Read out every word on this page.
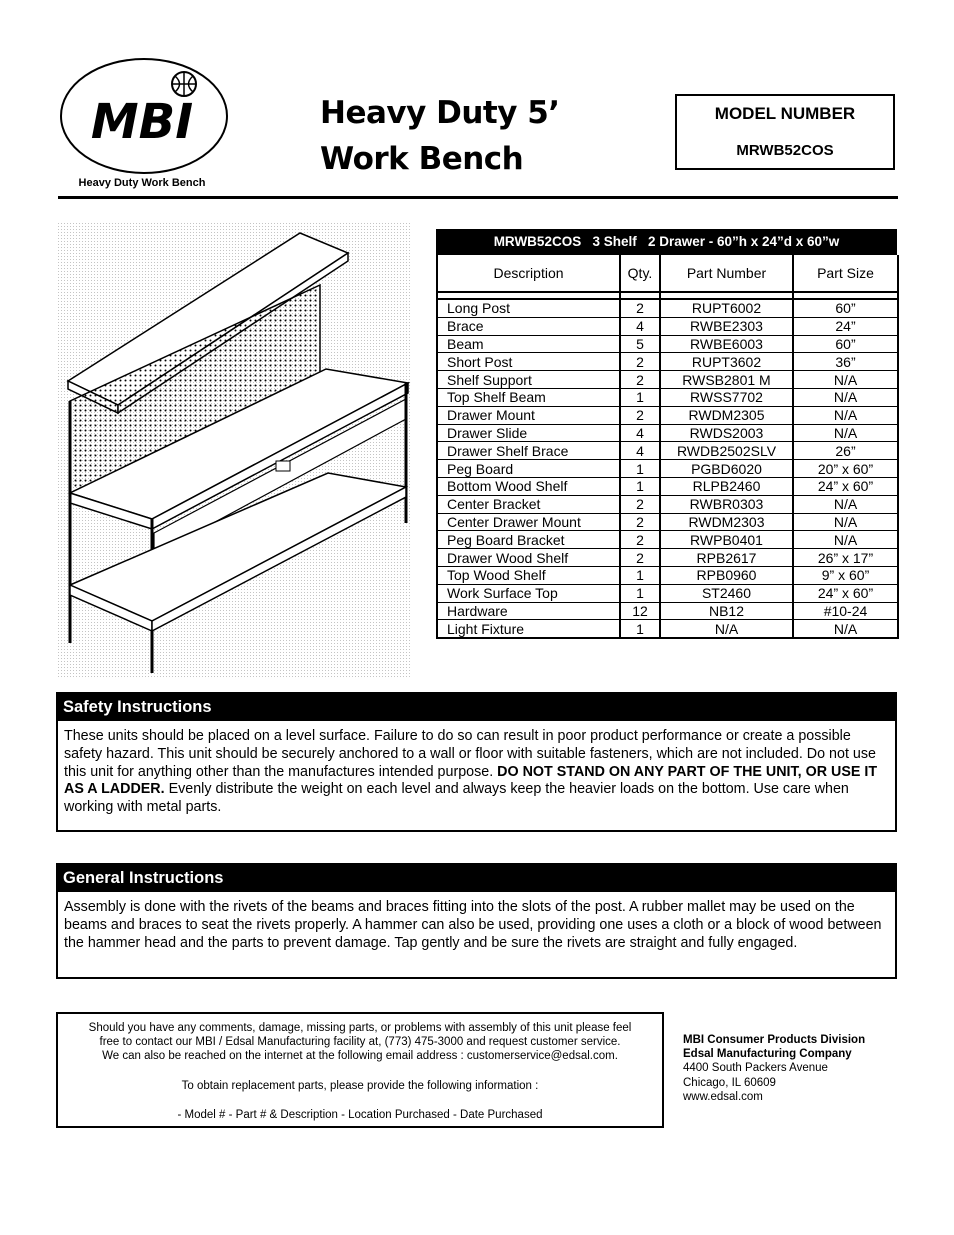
MBI
Heavy Duty Work Bench
Heavy Duty 5’
Work Bench
MODEL NUMBER
MRWB52COS
MRWB52COS   3 Shelf   2 Drawer - 60”h x 24”d x 60”w
Description	Qty.	Part Number	Part Size

Long Post	2	RUPT6002	60”
Brace	4	RWBE2303	24”
Beam	5	RWBE6003	60”
Short Post	2	RUPT3602	36”
Shelf Support	2	RWSB2801 M	N/A
Top Shelf Beam	1	RWSS7702	N/A
Drawer Mount	2	RWDM2305	N/A
Drawer Slide	4	RWDS2003	N/A
Drawer Shelf Brace	4	RWDB2502SLV	26”
Peg Board	1	PGBD6020	20” x 60”
Bottom Wood Shelf	1	RLPB2460	24” x 60”
Center Bracket	2	RWBR0303	N/A
Center Drawer Mount	2	RWDM2303	N/A
Peg Board Bracket	2	RWPB0401	N/A
Drawer Wood Shelf	2	RPB2617	26” x 17”
Top Wood Shelf	1	RPB0960	9” x 60”
Work Surface Top	1	ST2460	24” x 60”
Hardware	12	NB12	#10-24
Light Fixture	1	N/A	N/A
Safety Instructions
These units should be placed on a level surface. Failure to do so can result in poor product performance or create a possible safety hazard. This unit should be securely anchored to a wall or floor with suitable fasteners, which are not included. Do not use this unit for anything other than the manufactures intended purpose. DO NOT STAND ON ANY PART OF THE UNIT, OR USE IT AS A LADDER. Evenly distribute the weight on each level and always keep the heavier loads on the bottom. Use care when working with metal parts.
General Instructions
Assembly is done with the rivets of the beams and braces fitting into the slots of the post. A rubber mallet may be used on the beams and braces to seat the rivets properly. A hammer can also be used, providing one uses a cloth or a block of wood between the hammer head and the parts to prevent damage. Tap gently and be sure the rivets are straight and fully engaged.

Should you have any comments, damage, missing parts, or problems with assembly of this unit please feel

free to contact our MBI / Edsal Manufacturing facility at, (773) 475-3000 and request customer service.

We can also be reached on the internet at the following email address : customerservice@edsal.com.

To obtain replacement parts, please provide the following information :

- Model # - Part # & Description - Location Purchased - Date Purchased

MBI Consumer Products Division
Edsal Manufacturing Company
4400 South Packers Avenue
Chicago, IL 60609
www.edsal.com
